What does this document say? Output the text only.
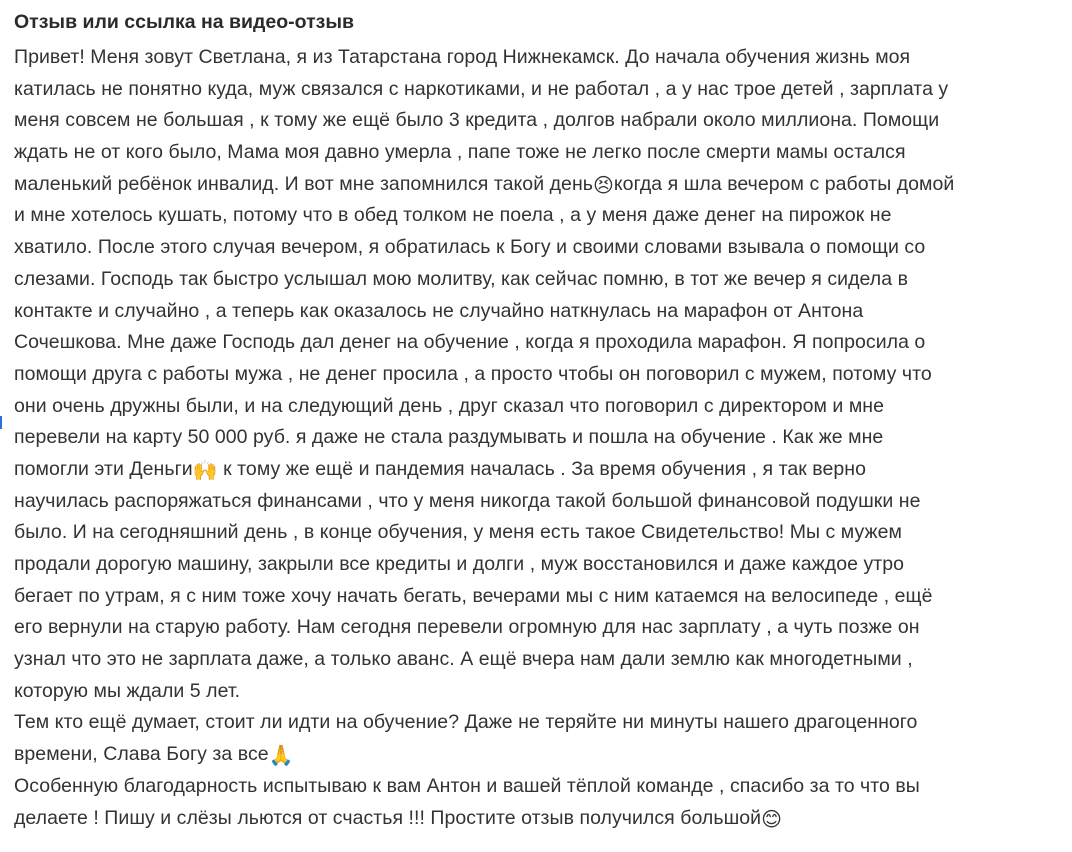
Отзыв или ссылка на видео-отзыв
Привет! Меня зовут Светлана, я из Татарстана город Нижнекамск. До начала обучения жизнь моя
катилась не понятно куда, муж связался с наркотиками, и не работал , а у нас трое детей , зарплата у
меня совсем не большая , к тому же ещё было 3 кредита , долгов набрали около миллиона. Помощи
ждать не от кого было, Мама моя давно умерла , папе тоже не легко после смерти мамы остался
маленький ребёнок инвалид. И вот мне запомнился такой день😣когда я шла вечером с работы домой
и мне хотелось кушать, потому что в обед толком не поела , а у меня даже денег на пирожок не
хватило. После этого случая вечером, я обратилась к Богу и своими словами взывала о помощи со
слезами. Господь так быстро услышал мою молитву, как сейчас помню, в тот же вечер я сидела в
контакте и случайно , а теперь как оказалось не случайно наткнулась на марафон от Антона
Сочешкова. Мне даже Господь дал денег на обучение , когда я проходила марафон. Я попросила о
помощи друга с работы мужа , не денег просила , а просто чтобы он поговорил с мужем, потому что
они очень дружны были, и на следующий день , друг сказал что поговорил с директором и мне
перевели на карту 50 000 руб. я даже не стала раздумывать и пошла на обучение . Как же мне
помогли эти Деньги🙌 к тому же ещё и пандемия началась . За время обучения , я так верно
научилась распоряжаться финансами , что у меня никогда такой большой финансовой подушки не
было. И на сегодняшний день , в конце обучения, у меня есть такое Свидетельство! Мы с мужем
продали дорогую машину, закрыли все кредиты и долги , муж восстановился и даже каждое утро
бегает по утрам, я с ним тоже хочу начать бегать, вечерами мы с ним катаемся на велосипеде , ещё
его вернули на старую работу. Нам сегодня перевели огромную для нас зарплату , а чуть позже он
узнал что это не зарплата даже, а только аванс. А ещё вчера нам дали землю как многодетными ,
которую мы ждали 5 лет.
Тем кто ещё думает, стоит ли идти на обучение? Даже не теряйте ни минуты нашего драгоценного
времени, Слава Богу за все🙏
Особенную благодарность испытываю к вам Антон и вашей тёплой команде , спасибо за то что вы
делаете ! Пишу и слёзы льются от счастья !!! Простите отзыв получился большой😊
